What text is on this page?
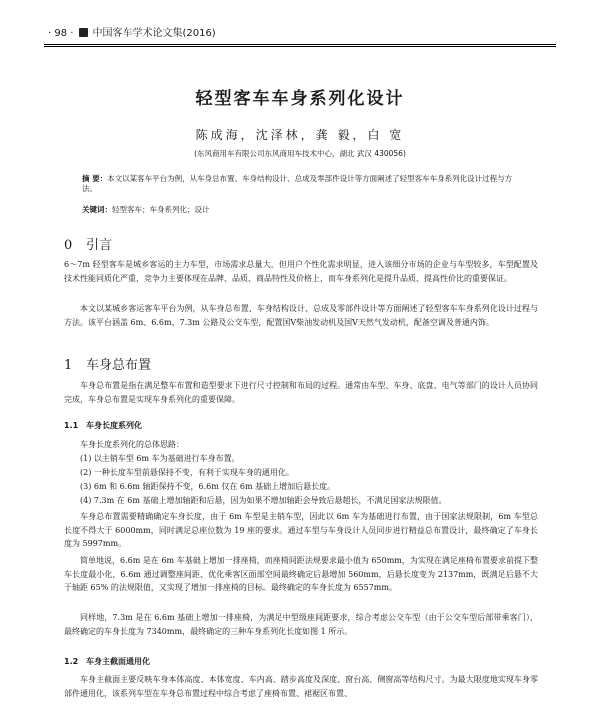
· 98 · 中国客车学术论文集(2016)
轻型客车车身系列化设计
陈成海，沈泽林，龚 毅，白 宽
(东风商用车有限公司东风商用车技术中心，湖北 武汉 430056)
摘 要：本文以某客车平台为例，从车身总布置、车身结构设计、总成及零部件设计等方面阐述了轻型客车车身系列化设计过程与方法。
关键词：轻型客车；车身系列化；设计
0 引言
6～7m 轻型客车是城乡客运的主力车型，市场需求总量大，但用户个性化需求明显，进入该细分市场的企业与车型较多，车型配置及技术性能同质化严重，竞争力主要体现在品牌、品质、商品特性及价格上，而车身系列化是提升品质、提高性价比的重要保证。
本文以某城乡客运客车平台为例，从车身总布置、车身结构设计、总成及零部件设计等方面阐述了轻型客车车身系列化设计过程与方法。该平台涵盖 6m、6.6m、7.3m 公路及公交车型，配置国Ⅴ柴油发动机及国Ⅴ天然气发动机，配备空调及普通内饰。
1 车身总布置
车身总布置是指在满足整车布置和造型要求下进行尺寸控制和布局的过程。通常由车型、车身、底盘、电气等部门的设计人员协同完成，车身总布置是实现车身系列化的重要保障。
1.1 车身长度系列化
车身长度系列化的总体思路：
(1) 以主销车型 6m 车为基础进行车身布置。
(2) 一种长度车型前悬保持不变，有利于实现车身的通用化。
(3) 6m 和 6.6m 轴距保持不变，6.6m 仅在 6m 基础上增加后悬长度。
(4) 7.3m 在 6m 基础上增加轴距和后悬，因为如果不增加轴距会导致后悬超长，不满足国家法规限值。
车身总布置需要精确确定车身长度，由于 6m 车型是主销车型，因此以 6m 车为基础进行布置，由于国家法规限制，6m 车型总长度不得大于 6000mm，同时满足总座位数为 19 座的要求。通过车型与车身设计人员同步进行精益总布置设计，最终确定了车身长度为 5997mm。
简单地说，6.6m 是在 6m 车基础上增加一排座椅，而座椅间距法规要求最小值为 650mm，为实现在满足座椅布置要求前提下整车长度最小化，6.6m 通过调整座间距、优化乘客区面部空间最终确定后悬增加 560mm，后悬长度变为 2137mm，既满足后悬不大于轴距 65% 的法规限值，又实现了增加一排座椅的目标。最终确定的车身长度为 6557mm。
同样地，7.3m 是在 6.6m 基础上增加一排座椅，为满足中型级座间距要求，综合考虑公交车型（由于公交车型后部带乘客门），最终确定的车身长度为 7340mm，最终确定的三种车身系列化长度如图 1 所示。
1.2 车身主截面通用化
车身主截面主要反映车身本体高度、本体宽度、车内高、踏步高度及深度、窗台高、侧窗高等结构尺寸。为最大限度地实现车身零部件通用化，该系列车型在车身总布置过程中综合考虑了座椅布置、裙裾区布置、
